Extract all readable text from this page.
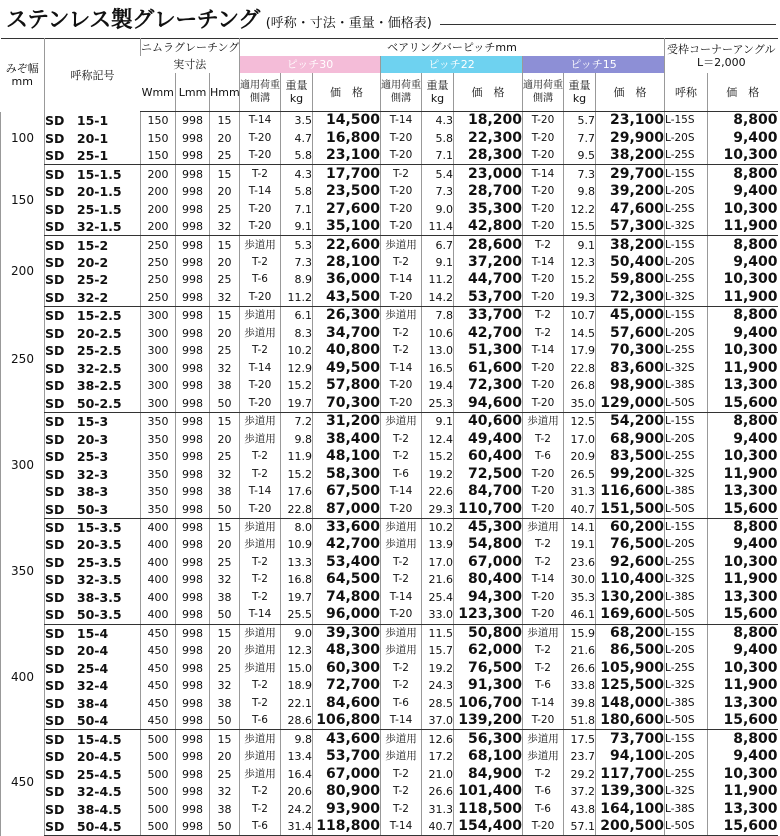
ステンレス製グレーチング (呼称・寸法・重量・価格表)
みぞ幅
mm	呼称記号	ニムラグレーチング			ベアリングバーピッチmm									受枠コーナーアングル
L＝2,000	
		実寸法			ピッチ30			ピッチ22			ピッチ15				
		Wmm	Lmm	Hmm	適用荷重
側溝	重量
kg	価　格	適用荷重
側溝	重量
kg	価　格	適用荷重
側溝	重量
kg	価　格	呼称	価　格
100	SD　15-1	150	998	15	T-14	3.5	14,500	T-14	4.3	18,200	T-20	5.7	23,100	L-15S	8,800
	SD　20-1	150	998	20	T-20	4.7	16,800	T-20	5.8	22,300	T-20	7.7	29,900	L-20S	9,400
	SD　25-1	150	998	25	T-20	5.8	23,100	T-20	7.1	28,300	T-20	9.5	38,200	L-25S	10,300
150	SD　15-1.5	200	998	15	T-2	4.3	17,700	T-2	5.4	23,000	T-14	7.3	29,700	L-15S	8,800
	SD　20-1.5	200	998	20	T-14	5.8	23,500	T-20	7.3	28,700	T-20	9.8	39,200	L-20S	9,400
	SD　25-1.5	200	998	25	T-20	7.1	27,600	T-20	9.0	35,300	T-20	12.2	47,600	L-25S	10,300
	SD　32-1.5	200	998	32	T-20	9.1	35,100	T-20	11.4	42,800	T-20	15.5	57,300	L-32S	11,900
200	SD　15-2	250	998	15	歩道用	5.3	22,600	歩道用	6.7	28,600	T-2	9.1	38,200	L-15S	8,800
	SD　20-2	250	998	20	T-2	7.3	28,100	T-2	9.1	37,200	T-14	12.3	50,400	L-20S	9,400
	SD　25-2	250	998	25	T-6	8.9	36,000	T-14	11.2	44,700	T-20	15.2	59,800	L-25S	10,300
	SD　32-2	250	998	32	T-20	11.2	43,500	T-20	14.2	53,700	T-20	19.3	72,300	L-32S	11,900
250	SD　15-2.5	300	998	15	歩道用	6.1	26,300	歩道用	7.8	33,700	T-2	10.7	45,000	L-15S	8,800
	SD　20-2.5	300	998	20	歩道用	8.3	34,700	T-2	10.6	42,700	T-2	14.5	57,600	L-20S	9,400
	SD　25-2.5	300	998	25	T-2	10.2	40,800	T-2	13.0	51,300	T-14	17.9	70,300	L-25S	10,300
	SD　32-2.5	300	998	32	T-14	12.9	49,500	T-14	16.5	61,600	T-20	22.8	83,600	L-32S	11,900
	SD　38-2.5	300	998	38	T-20	15.2	57,800	T-20	19.4	72,300	T-20	26.8	98,900	L-38S	13,300
	SD　50-2.5	300	998	50	T-20	19.7	70,300	T-20	25.3	94,600	T-20	35.0	129,000	L-50S	15,600
300	SD　15-3	350	998	15	歩道用	7.2	31,200	歩道用	9.1	40,600	歩道用	12.5	54,200	L-15S	8,800
	SD　20-3	350	998	20	歩道用	9.8	38,400	T-2	12.4	49,400	T-2	17.0	68,900	L-20S	9,400
	SD　25-3	350	998	25	T-2	11.9	48,100	T-2	15.2	60,400	T-6	20.9	83,500	L-25S	10,300
	SD　32-3	350	998	32	T-2	15.2	58,300	T-6	19.2	72,500	T-20	26.5	99,200	L-32S	11,900
	SD　38-3	350	998	38	T-14	17.6	67,500	T-14	22.6	84,700	T-20	31.3	116,600	L-38S	13,300
	SD　50-3	350	998	50	T-20	22.8	87,000	T-20	29.3	110,700	T-20	40.7	151,500	L-50S	15,600
350	SD　15-3.5	400	998	15	歩道用	8.0	33,600	歩道用	10.2	45,300	歩道用	14.1	60,200	L-15S	8,800
	SD　20-3.5	400	998	20	歩道用	10.9	42,700	歩道用	13.9	54,800	T-2	19.1	76,500	L-20S	9,400
	SD　25-3.5	400	998	25	T-2	13.3	53,400	T-2	17.0	67,000	T-2	23.6	92,600	L-25S	10,300
	SD　32-3.5	400	998	32	T-2	16.8	64,500	T-2	21.6	80,400	T-14	30.0	110,400	L-32S	11,900
	SD　38-3.5	400	998	38	T-2	19.7	74,800	T-14	25.4	94,300	T-20	35.3	130,200	L-38S	13,300
	SD　50-3.5	400	998	50	T-14	25.5	96,000	T-20	33.0	123,300	T-20	46.1	169,600	L-50S	15,600
400	SD　15-4	450	998	15	歩道用	9.0	39,300	歩道用	11.5	50,800	歩道用	15.9	68,200	L-15S	8,800
	SD　20-4	450	998	20	歩道用	12.3	48,300	歩道用	15.7	62,000	T-2	21.6	86,500	L-20S	9,400
	SD　25-4	450	998	25	歩道用	15.0	60,300	T-2	19.2	76,500	T-2	26.6	105,900	L-25S	10,300
	SD　32-4	450	998	32	T-2	18.9	72,700	T-2	24.3	91,300	T-6	33.8	125,500	L-32S	11,900
	SD　38-4	450	998	38	T-2	22.1	84,600	T-6	28.5	106,700	T-14	39.8	148,000	L-38S	13,300
	SD　50-4	450	998	50	T-6	28.6	106,800	T-14	37.0	139,200	T-20	51.8	180,600	L-50S	15,600
450	SD　15-4.5	500	998	15	歩道用	9.8	43,600	歩道用	12.6	56,300	歩道用	17.5	73,700	L-15S	8,800
	SD　20-4.5	500	998	20	歩道用	13.4	53,700	歩道用	17.2	68,100	歩道用	23.7	94,100	L-20S	9,400
	SD　25-4.5	500	998	25	歩道用	16.4	67,000	T-2	21.0	84,900	T-2	29.2	117,700	L-25S	10,300
	SD　32-4.5	500	998	32	T-2	20.6	80,900	T-2	26.6	101,400	T-6	37.2	139,300	L-32S	11,900
	SD　38-4.5	500	998	38	T-2	24.2	93,900	T-2	31.3	118,500	T-6	43.8	164,100	L-38S	13,300
	SD　50-4.5	500	998	50	T-6	31.4	118,800	T-14	40.7	154,400	T-20	57.1	200,500	L-50S	15,600
